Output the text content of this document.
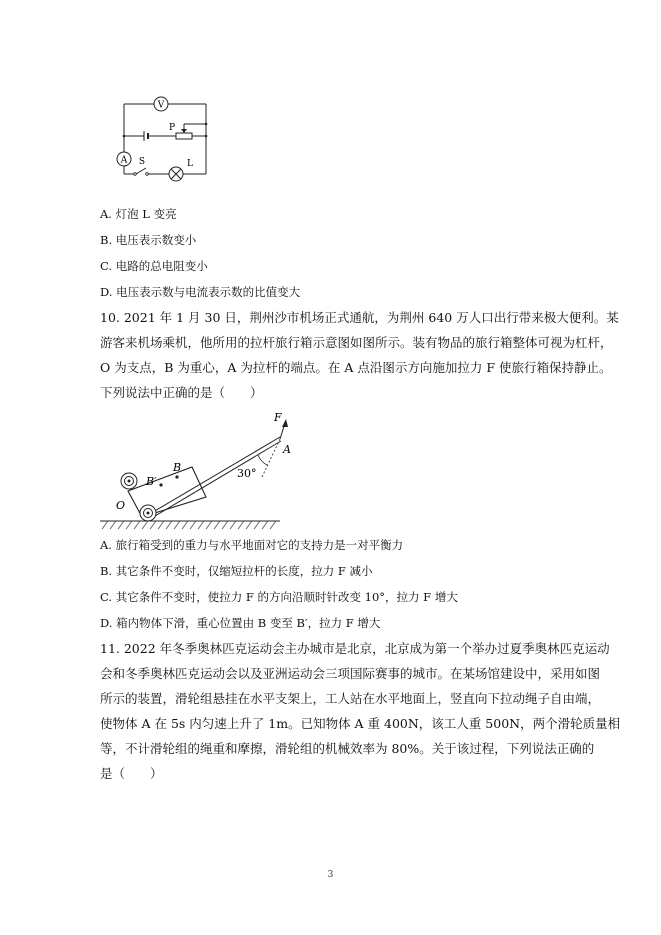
V
A
P
S	L
A. 灯泡 L 变亮
B. 电压表示数变小
C. 电路的总电阻变小
D. 电压表示数与电流表示数的比值变大
10. 2021 年 1 月 30 日，荆州沙市机场正式通航，为荆州 640 万人口出行带来极大便利。某
游客来机场乘机，他所用的拉杆旅行箱示意图如图所示。装有物品的旅行箱整体可视为杠杆，
O 为支点，B 为重心，A 为拉杆的端点。在 A 点沿图示方向施加拉力 F 使旅行箱保持静止。
下列说法中正确的是（　　）
F
A
30°
B
B′
O
A. 旅行箱受到的重力与水平地面对它的支持力是一对平衡力
B. 其它条件不变时，仅缩短拉杆的长度，拉力 F 减小
C. 其它条件不变时，使拉力 F 的方向沿顺时针改变 10°，拉力 F 增大
D. 箱内物体下滑，重心位置由 B 变至 B′，拉力 F 增大
11. 2022 年冬季奥林匹克运动会主办城市是北京，北京成为第一个举办过夏季奥林匹克运动
会和冬季奥林匹克运动会以及亚洲运动会三项国际赛事的城市。在某场馆建设中，采用如图
所示的装置，滑轮组悬挂在水平支架上，工人站在水平地面上，竖直向下拉动绳子自由端，
使物体 A 在 5s 内匀速上升了 1m。已知物体 A 重 400N，该工人重 500N，两个滑轮质量相
等，不计滑轮组的绳重和摩擦，滑轮组的机械效率为 80%。关于该过程，下列说法正确的
是（　　）
3
